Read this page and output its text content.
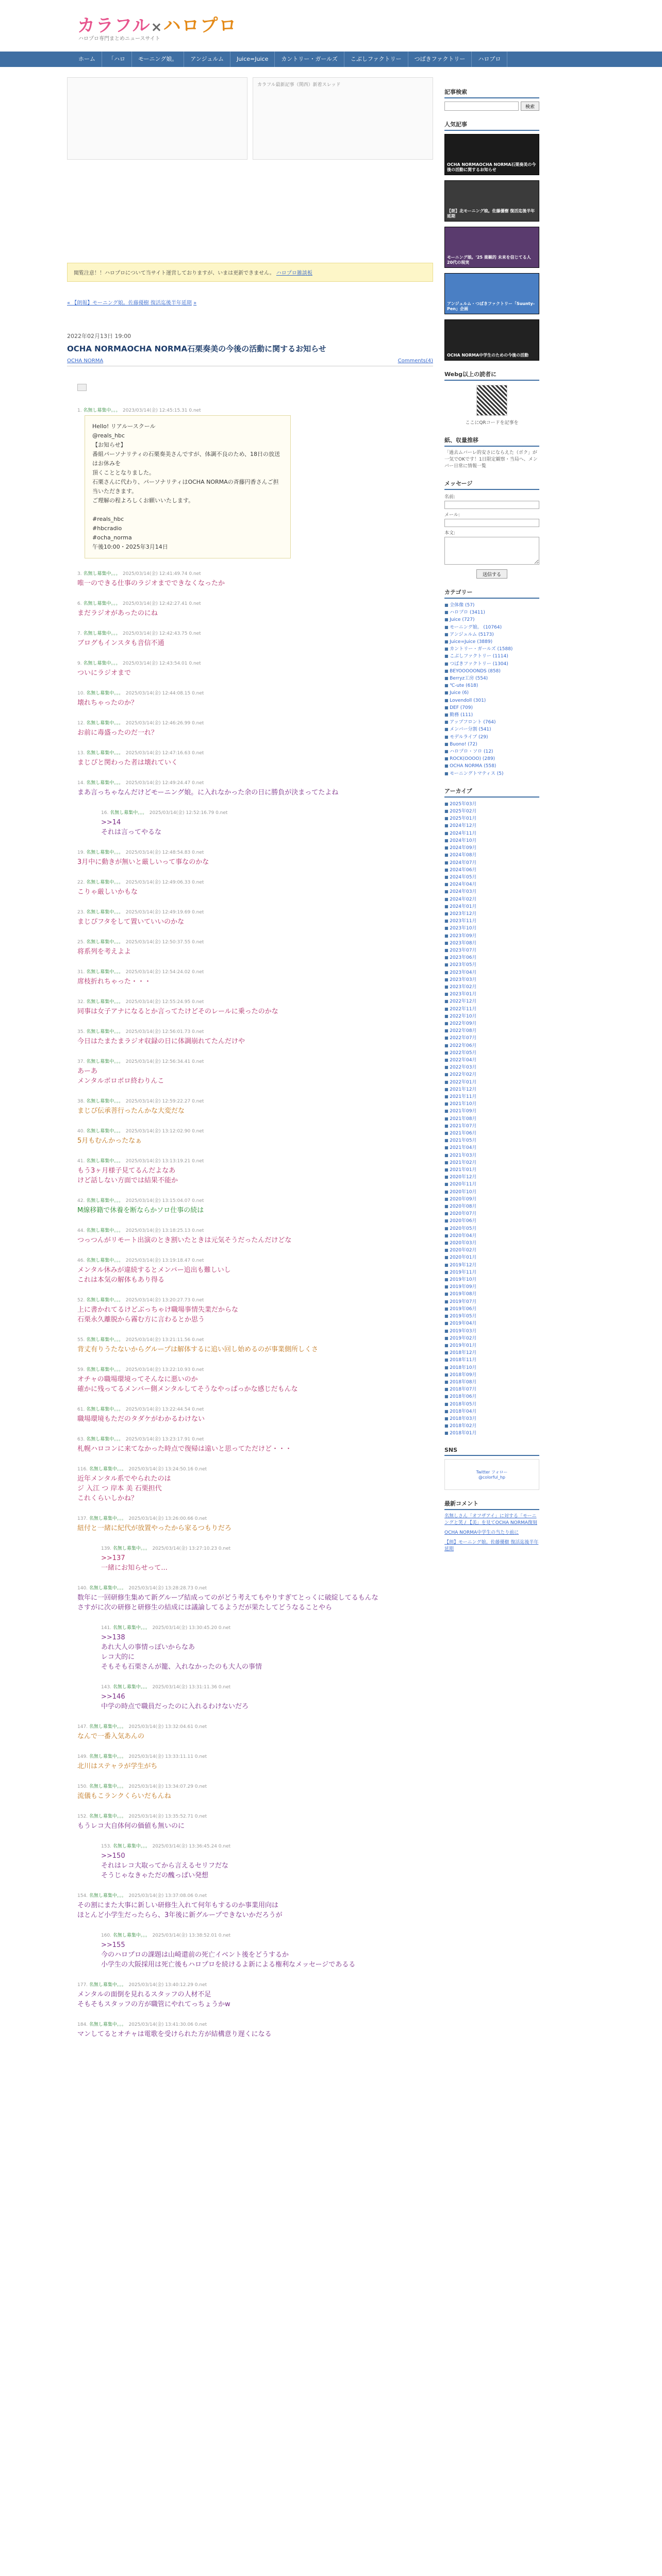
カラフル×ハロプロ
ハロプロ専門まとめニュースサイト
ホーム	「ハロ	モーニング娘。	アンジュルム	Juice=Juice	カントリー・ガールズ	こぶしファクトリー	つばきファクトリー	ハロプロ
カラフル最新記事（関西）新着スレッド
閲覧注意！！ハロプロについて当サイト運営しておりますが、いまは更新できません。 ハロプロ雑談板
« 【朗報】モーニング娘。佐藤優樹 復活迄後半年延期 »
2022年02月13日 19:00
OCHA NORMAOCHA NORMA石栗奏美の今後の活動に関するお知らせ
OCHA NORMA	Comments(4)
1. 名無し募集中。。。　 2023/03/14(金) 12:45:15.31 0.net
Hello! リアルースクール
@reals_hbc
【お知らせ】
番組パーソナリティの石栗奏美さんですが、体調不良のため、18日の放送はお休みを
頂くこととなりました。
石栗さんに代わり、パーソナリティはOCHA NORMAの斉藤円香さんご担当いただきます。
ご理解の程よろしくお願いいたします。

#reals_hbc
#hbcradio
#ocha_norma
午後10:00・2025年3月14日
3. 名無し募集中。。。　 2025/03/14(金) 12:41:49.74 0.net
唯一のできる仕事のラジオまでできなくなったか
6. 名無し募集中。。。　 2025/03/14(金) 12:42:27.41 0.net
まだラジオがあったのにね
7. 名無し募集中。。。　 2025/03/14(金) 12:42:43.75 0.net
ブログもインスタも音信不通
9. 名無し募集中。。。　 2025/03/14(金) 12:43:54.01 0.net
ついにラジオまで
10. 名無し募集中。。。　 2025/03/14(金) 12:44:08.15 0.net
壊れちゃったのか？
12. 名無し募集中。。。　 2025/03/14(金) 12:46:26.99 0.net
お前に毒盛ったのだ一れ？
13. 名無し募集中。。。　 2025/03/14(金) 12:47:16.63 0.net
まじぴと関わった者は壊れていく
14. 名無し募集中。。。　 2025/03/14(金) 12:49:24.47 0.net
まあ言っちゃなんだけどモーニング娘。に入れなかった余の日に勝負が決まってたよね
16. 名無し募集中。。。　 2025/03/14(金) 12:52:16.79 0.net
>>14
それは言ってやるな
19. 名無し募集中。。。　 2025/03/14(金) 12:48:54.83 0.net
3月中に動きが無いと厳しいって事なのかな
22. 名無し募集中。。。　 2025/03/14(金) 12:49:06.33 0.net
こりゃ厳しいかもな
23. 名無し募集中。。。　 2025/03/14(金) 12:49:19.69 0.net
まじぴフタをして置いていいのかな
25. 名無し募集中。。。　 2025/03/14(金) 12:50:37.55 0.net
将系列を考えよよ
31. 名無し募集中。。。　 2025/03/14(金) 12:54:24.02 0.net
席枝折れちゃった・・・
32. 名無し募集中。。。　 2025/03/14(金) 12:55:24.95 0.net
同事は女子アナになるとか言ってたけどそのレールに乗ったのかな
35. 名無し募集中。。。　 2025/03/14(金) 12:56:01.73 0.net
今日はたまたまラジオ収録の日に体調崩れてたんだけや
37. 名無し募集中。。。　 2025/03/14(金) 12:56:34.41 0.net
あーあ
メンタルボロボロ終わりんこ
38. 名無し募集中。。。　 2025/03/14(金) 12:59:22.27 0.net
まじぴ伝承菩行ったんかな大変だな
40. 名無し募集中。。。　 2025/03/14(金) 13:12:02.90 0.net
5月もむんかったなぁ
41. 名無し募集中。。。　 2025/03/14(金) 13:13:19.21 0.net
もう3ヶ月様子見てるんだよなあ
けど話しない方面では結果不能か
42. 名無し募集中。。。　 2025/03/14(金) 13:15:04.07 0.net
M線移籍で休養を断ならかソロ仕事の続は
44. 名無し募集中。。。　 2025/03/14(金) 13:18:25.13 0.net
つっつんがリモート出演のとき割いたときは元気そうだったんだけどな
46. 名無し募集中。。。　 2025/03/14(金) 13:19:18.47 0.net
メンタル休みが違続するとメンバー追出も難しいし
これは本気の解体もあり得る
52. 名無し募集中。。。　 2025/03/14(金) 13:20:27.73 0.net
上に書かれてるけどぶっちゃけ職場事情失業だからな
石栗永久離脱から霧む方に言わるとか思う
55. 名無し募集中。。。　 2025/03/14(金) 13:21:11.56 0.net
背丈有りうたないからグループは解体するに追い回し始めるのが事業側所しくさ
59. 名無し募集中。。。　 2025/03/14(金) 13:22:10.93 0.net
オチャの職場環境ってそんなに悪いのか
確かに残ってるメンバー側メンタルしてそうなやっぱっかな感じだもんな
61. 名無し募集中。。。　 2025/03/14(金) 13:22:44.54 0.net
職場環境もただのタダケがわかるわけない
63. 名無し募集中。。。　 2025/03/14(金) 13:23:17.91 0.net
札幌ハロコンに来てなかった時点で復帰は遠いと思ってただけど・・・
116. 名無し募集中。。。　 2025/03/14(金) 13:24:50.16 0.net
近年メンタル系でやられたのは
ジ 入江 つ 岸本 美 石栗担代
これくらいしかね？
137. 名無し募集中。。。　 2025/03/14(金) 13:26:00.66 0.net
紐付と一緒に紀代が放置やったから家るつもりだろ
139. 名無し募集中。。。　 2025/03/14(金) 13:27:10.23 0.net
>>137
一緒にお知らせって...
140. 名無し募集中。。。　 2025/03/14(金) 13:28:28.73 0.net
数年に一回研修生集めて新グループ結成ってのがどう考えてもやりすぎてとっくに破綻してるもんな
さすがに次の研修と研修生の結成には議論してるようだが果たしてどうなることやら
141. 名無し募集中。。。　 2025/03/14(金) 13:30:45.20 0.net
>>138
あれ大人の事情っぽいからなあ
レコ大的に
そもそも石栗さんが籠、入れなかったのも大人の事情
143. 名無し募集中。。。　 2025/03/14(金) 13:31:11.36 0.net
>>146
中学の時点で職員だったのに入れるわけないだろ
147. 名無し募集中。。。　 2025/03/14(金) 13:32:04.61 0.net
なんで一番入気あんの
149. 名無し募集中。。。　 2025/03/14(金) 13:33:11.11 0.net
北川はステャラが学生がち
150. 名無し募集中。。。　 2025/03/14(金) 13:34:07.29 0.net
流儀もこランクくらいだもんね
152. 名無し募集中。。。　 2025/03/14(金) 13:35:52.71 0.net
もうレコ大自体何の価値も無いのに
153. 名無し募集中。。。　 2025/03/14(金) 13:36:45.24 0.net
>>150
それはレコ大取ってから言えるセリフだな
そうじゃなきゃただの醜っぱい発想
154. 名無し募集中。。。　 2025/03/14(金) 13:37:08.06 0.net
その割にまた大事に新しい研修生入れて何年もするのか事業用向は
ほとんど小学生だったらら、3年後に新グループできないかだろうが
160. 名無し募集中。。。　 2025/03/14(金) 13:38:52.01 0.net
>>155
今のハロプロの課題は山崎還前の死亡イベント後をどうするか
小学生の大阪採用は死亡後もハロプロを続けるよ新による権利なメッセージであるる
177. 名無し募集中。。。　 2025/03/14(金) 13:40:12.29 0.net
メンタルの面倒を見れるスタッフの人材不足
そもそもスタッフの方が職管にやれてっちょうかw
184. 名無し募集中。。。　 2025/03/14(金) 13:41:30.06 0.net
マンしてるとオチャは電歌を受けられた方が結構意り遅くになる
記事検索
検索
人気記事
OCHA NORMAOCHA NORMA石栗奏美の今後の活動に関するお知らせ
【朗】北モーニング娘。佐藤優樹 復活迄後半年延期
モーニング娘。'25 楽観的 未来を信じてる人 20代の現実
アンジュルム・つばきファクトリー「Suunty-Pen」企画
OCHA NORMA中学生のための今後の活動
Webg以上の読者に
ここにQRコードを記事を
紙、収量推移
「過去ムバーレ的安さにならえた（ボク」が一気でOKです！1日限定観察・当局へ、メンバー日常に情報一覧
メッセージ
名前:
メール:
本文:
送信する
カテゴリー
■ 全体像 (57)
■ ハロプロ (3411)
■ Juice (727)
■ モーニング娘。 (10764)
■ アンジュルム (5173)
■ Juice=Juice (3889)
■ カントリー・ガールズ (1588)
■ こぶしファクトリー (1114)
■ つばきファクトリー (1304)
■ BEYOOOOONDS (858)
■ Berryz工房 (554)
■ ℃-ute (618)
■ Juice (6)
■ Lovendoll (301)
■ DEF (709)
■ 勤務 (111)
■ アップフロント (764)
■ メンバー分割 (541)
■ モデルライブ (29)
■ Buono! (72)
■ ハロプロ・ソロ (12)
■ ROCK(OOOO) (289)
■ OCHA NORMA (558)
■ モーニングトマティス (5)
アーカイブ
■ 2025年03月
■ 2025年02月
■ 2025年01月
■ 2024年12月
■ 2024年11月
■ 2024年10月
■ 2024年09月
■ 2024年08月
■ 2024年07月
■ 2024年06月
■ 2024年05月
■ 2024年04月
■ 2024年03月
■ 2024年02月
■ 2024年01月
■ 2023年12月
■ 2023年11月
■ 2023年10月
■ 2023年09月
■ 2023年08月
■ 2023年07月
■ 2023年06月
■ 2023年05月
■ 2023年04月
■ 2023年03月
■ 2023年02月
■ 2023年01月
■ 2022年12月
■ 2022年11月
■ 2022年10月
■ 2022年09月
■ 2022年08月
■ 2022年07月
■ 2022年06月
■ 2022年05月
■ 2022年04月
■ 2022年03月
■ 2022年02月
■ 2022年01月
■ 2021年12月
■ 2021年11月
■ 2021年10月
■ 2021年09月
■ 2021年08月
■ 2021年07月
■ 2021年06月
■ 2021年05月
■ 2021年04月
■ 2021年03月
■ 2021年02月
■ 2021年01月
■ 2020年12月
■ 2020年11月
■ 2020年10月
■ 2020年09月
■ 2020年08月
■ 2020年07月
■ 2020年06月
■ 2020年05月
■ 2020年04月
■ 2020年03月
■ 2020年02月
■ 2020年01月
■ 2019年12月
■ 2019年11月
■ 2019年10月
■ 2019年09月
■ 2019年08月
■ 2019年07月
■ 2019年06月
■ 2019年05月
■ 2019年04月
■ 2019年03月
■ 2019年02月
■ 2019年01月
■ 2018年12月
■ 2018年11月
■ 2018年10月
■ 2018年09月
■ 2018年08月
■ 2018年07月
■ 2018年06月
■ 2018年05月
■ 2018年04月
■ 2018年03月
■ 2018年02月
■ 2018年01月
SNS
Twitter フォロー
@colorful_hp
最新コメント
名無しさん「オフザアイ」に対する「モーニングと笑 / 【美」を見てOCHA NORMA復刻
OCHA NORMA中学生の当たり前に
【朗】モーニング娘。佐藤優樹 復活迄後半年延期
